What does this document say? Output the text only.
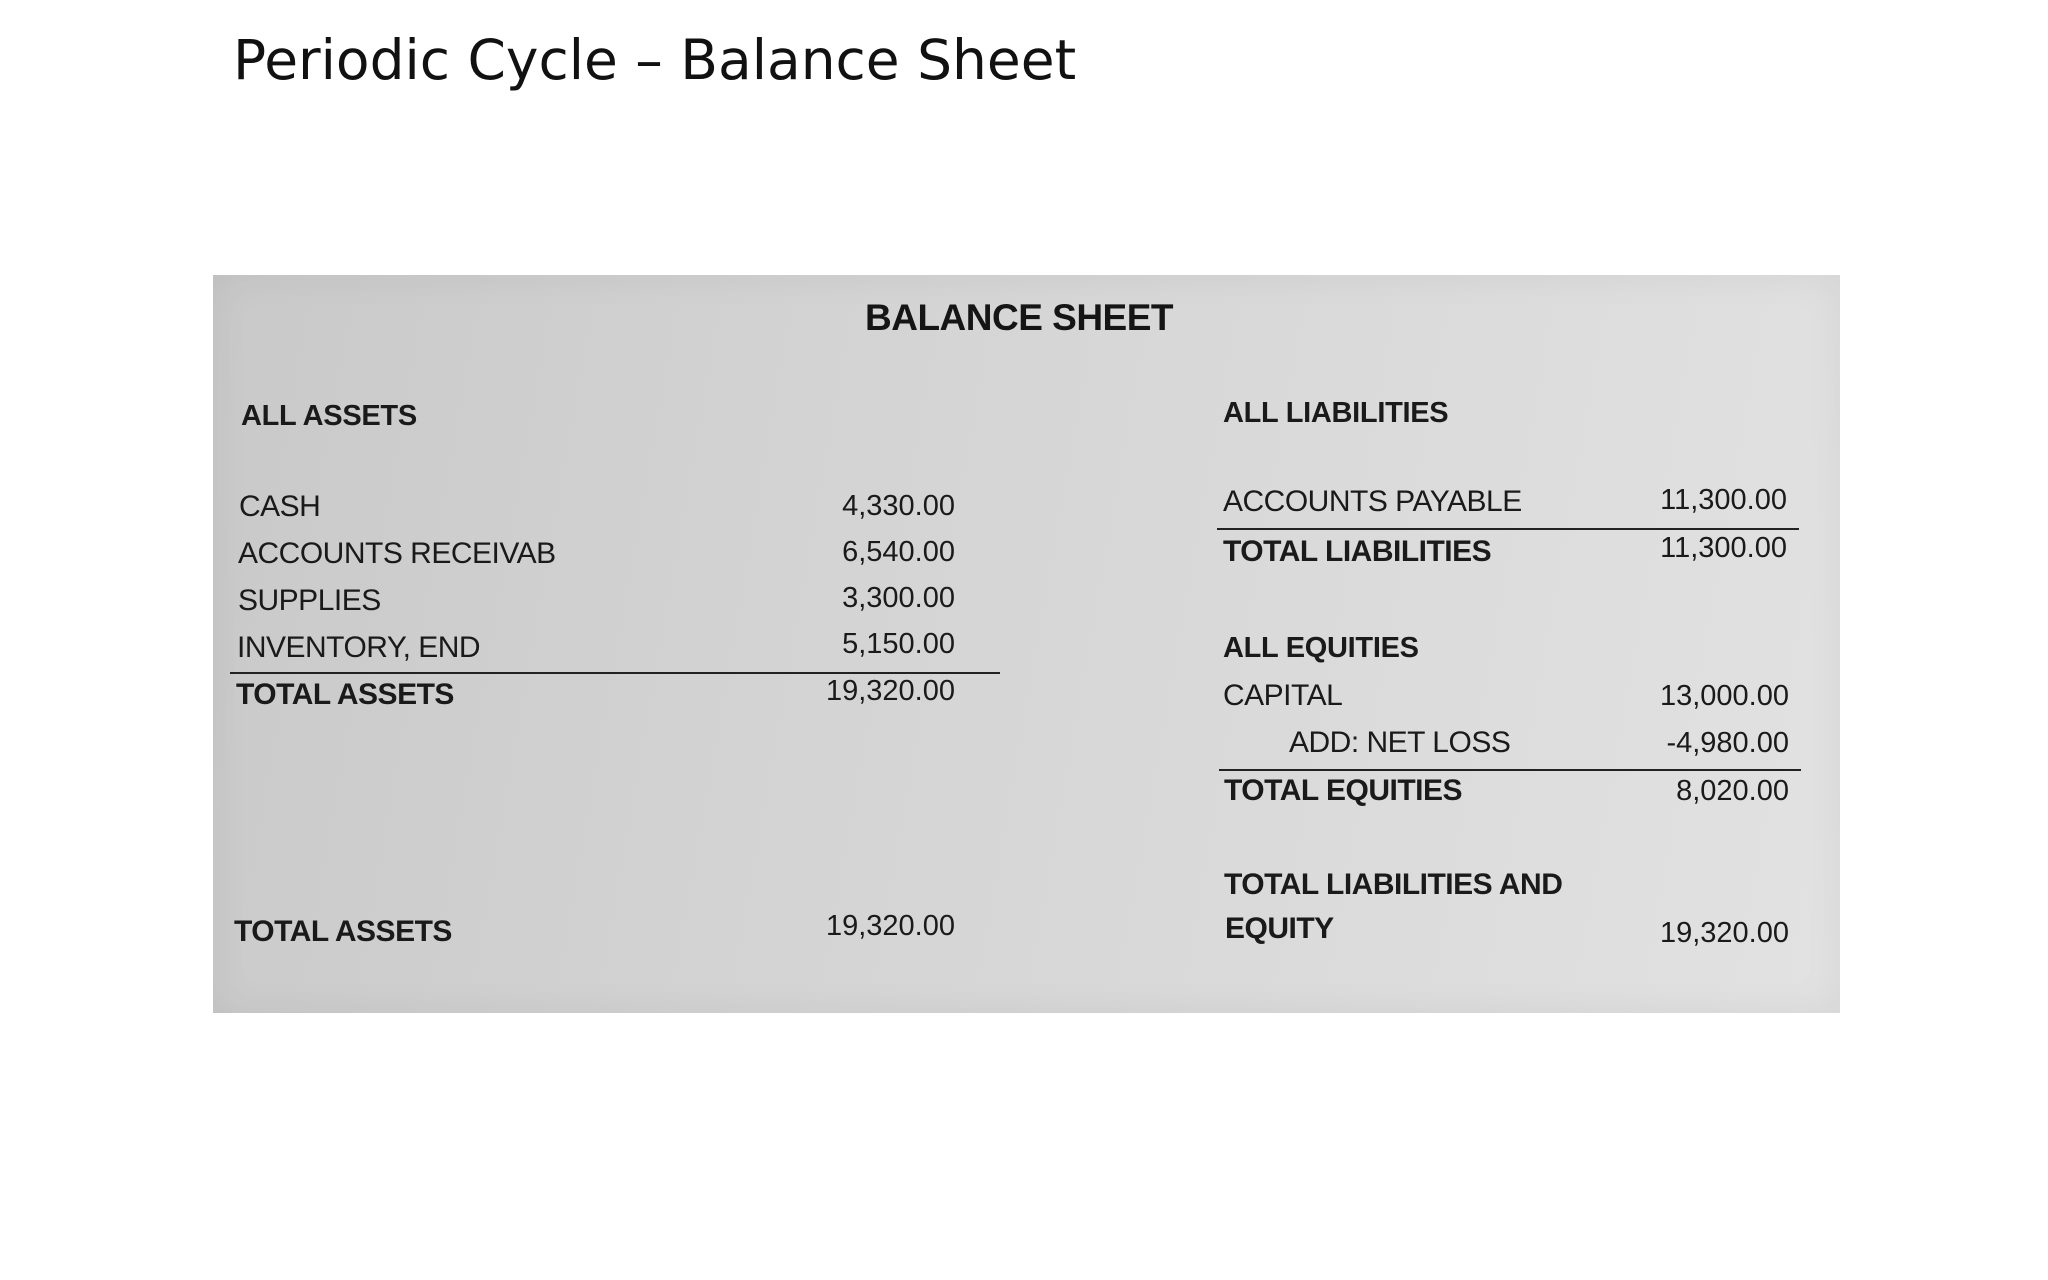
Periodic Cycle – Balance Sheet
BALANCE SHEET
ALL ASSETS
CASH	4,330.00
ACCOUNTS RECEIVAB	6,540.00
SUPPLIES	3,300.00
INVENTORY, END	5,150.00
TOTAL ASSETS	19,320.00
TOTAL ASSETS	19,320.00
ALL LIABILITIES
ACCOUNTS PAYABLE	11,300.00
TOTAL LIABILITIES	11,300.00
ALL EQUITIES
CAPITAL	13,000.00
ADD: NET LOSS	-4,980.00
TOTAL EQUITIES	8,020.00
TOTAL LIABILITIES AND
EQUITY	19,320.00
